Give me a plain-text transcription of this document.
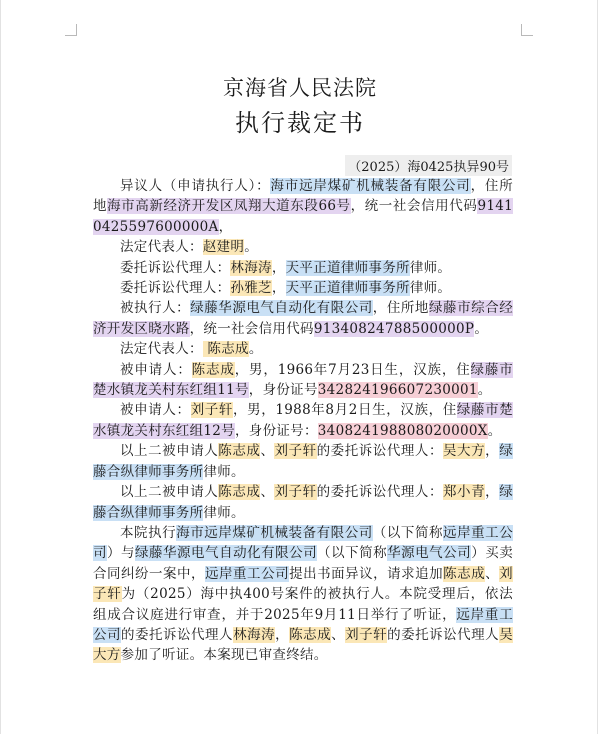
京海省人民法院
执行裁定书
（2025）海0425执异90号

异议人（申请执行人）：海市远岸煤矿机械装备有限公司，住所地海市高新经济开发区凤翔大道东段66号，统一社会信用代码91410425597600000A，

法定代表人：赵建明。

委托诉讼代理人：林海涛，天平正道律师事务所律师。

委托诉讼代理人：孙雅芝，天平正道律师事务所律师。

被执行人：绿藤华源电气自动化有限公司，住所地绿藤市综合经济开发区晓水路，统一社会信用代码91340824788500000P。

法定代表人： 陈志成。

被申请人：陈志成，男，1966年7月23日生，汉族，住绿藤市楚水镇龙关村东红组11号，身份证号342824196607230001。

被申请人：刘子轩，男，1988年8月2日生，汉族，住绿藤市楚水镇龙关村东红组12号，身份证号：340824198808020000X。

以上二被申请人陈志成、刘子轩的委托诉讼代理人：吴大方，绿藤合纵律师事务所律师。

以上二被申请人陈志成、刘子轩的委托诉讼代理人：郑小青，绿藤合纵律师事务所律师。

本院执行海市远岸煤矿机械装备有限公司（以下简称远岸重工公司）与绿藤华源电气自动化有限公司（以下简称华源电气公司）买卖合同纠纷一案中，远岸重工公司提出书面异议，请求追加陈志成、刘子轩为（2025）海中执400号案件的被执行人。本院受理后，依法组成合议庭进行审查，并于2025年9月11日举行了听证，远岸重工公司的委托诉讼代理人林海涛，陈志成、刘子轩的委托诉讼代理人吴大方参加了听证。本案现已审查终结。
